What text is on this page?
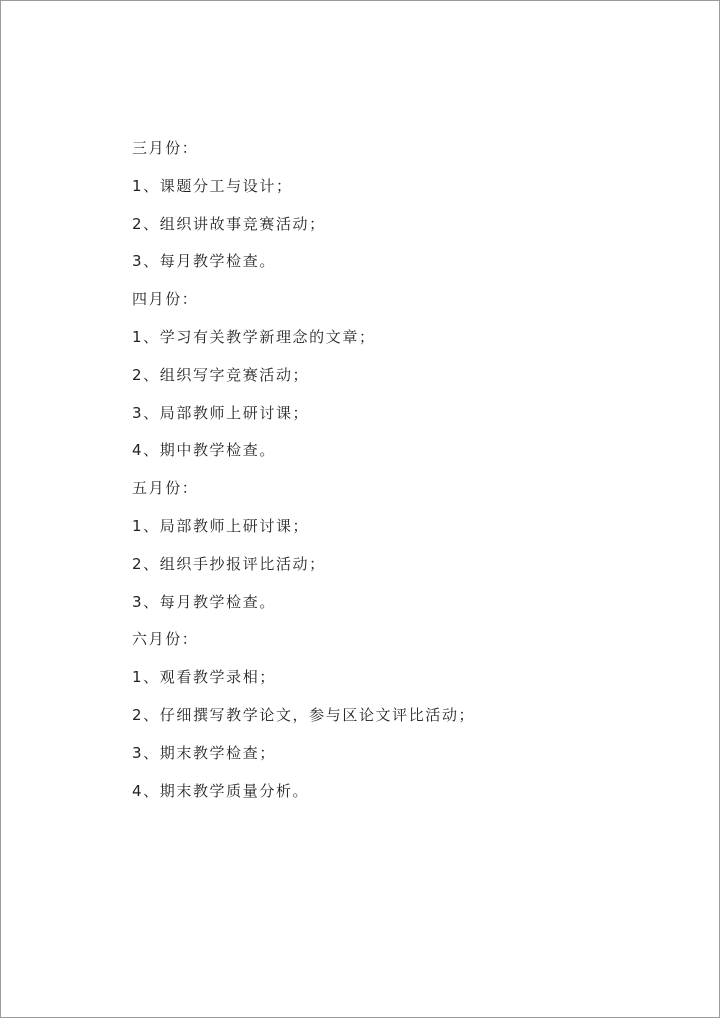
三月份：
1、课题分工与设计；
2、组织讲故事竞赛活动；
3、每月教学检查。
四月份：
1、学习有关教学新理念的文章；
2、组织写字竞赛活动；
3、局部教师上研讨课；
4、期中教学检查。
五月份：
1、局部教师上研讨课；
2、组织手抄报评比活动；
3、每月教学检查。
六月份：
1、观看教学录相；
2、仔细撰写教学论文，参与区论文评比活动；
3、期末教学检查；
4、期末教学质量分析。
